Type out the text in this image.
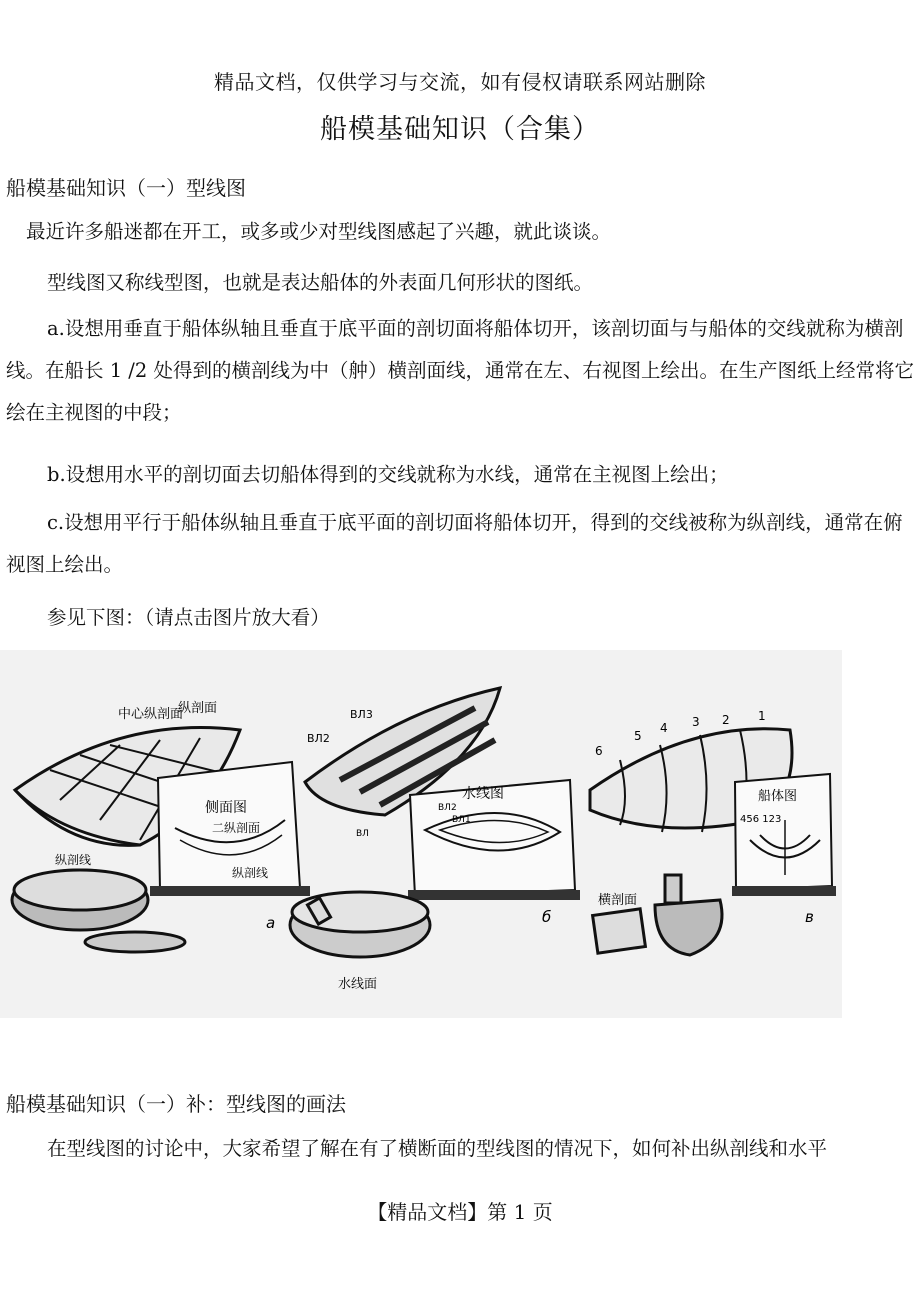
精品文档，仅供学习与交流，如有侵权请联系网站删除
船模基础知识（合集）
船模基础知识（一）型线图

最近许多船迷都在开工，或多或少对型线图感起了兴趣，就此谈谈。

型线图又称线型图，也就是表达船体的外表面几何形状的图纸。

a.设想用垂直于船体纵轴且垂直于底平面的剖切面将船体切开，该剖切面与与船体的交线就称为横剖线。在船长 1 /2 处得到的横剖线为中（舯）横剖面线，通常在左、右视图上绘出。在生产图纸上经常将它绘在主视图的中段；

b.设想用水平的剖切面去切船体得到的交线就称为水线，通常在主视图上绘出；

c.设想用平行于船体纵轴且垂直于底平面的剖切面将船体切开，得到的交线被称为纵剖线，通常在俯视图上绘出。

参见下图：（请点击图片放大看）

中心纵剖面
纵剖面
侧面图
二纵剖面
纵剖线
纵剖线
a
BЛ3
BЛ2
BЛ
水线图
BЛ2
BЛ1
水线面
б
BЛ1
6
5
4 3 2 1
船体图
456 123
横剖面
в
船模基础知识（一）补：型线图的画法

在型线图的讨论中，大家希望了解在有了横断面的型线图的情况下，如何补出纵剖线和水平

【精品文档】第 1 页
